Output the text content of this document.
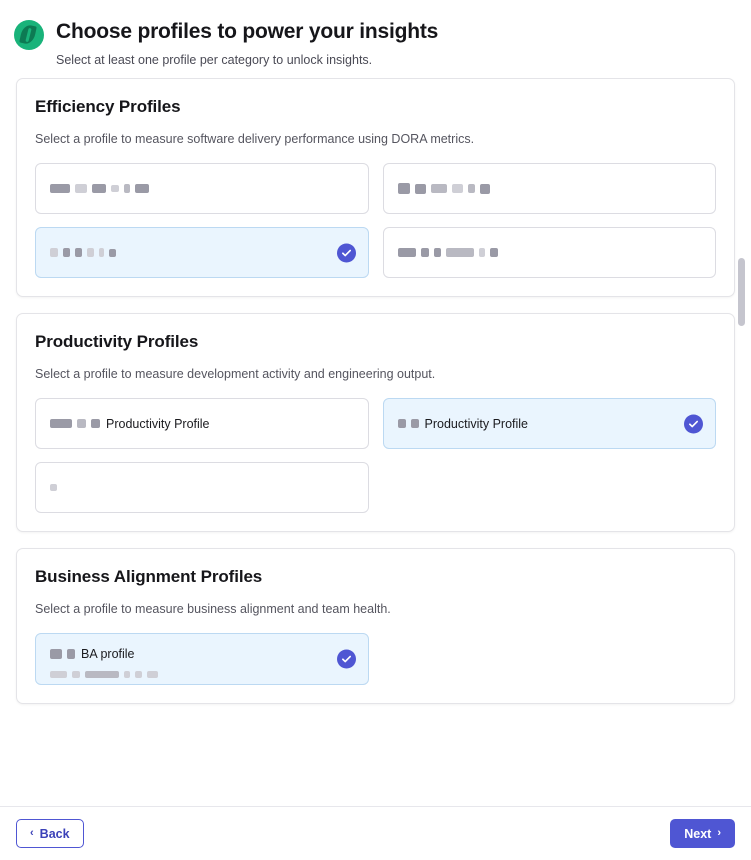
Choose profiles to power your insights
Select at least one profile per category to unlock insights.
Efficiency Profiles
Select a profile to measure software delivery performance using DORA metrics.
Productivity Profiles
Select a profile to measure development activity and engineering output.
Productivity Profile	Productivity Profile
Business Alignment Profiles
Select a profile to measure business alignment and team health.
BA profile
‹ Back	Next ›
